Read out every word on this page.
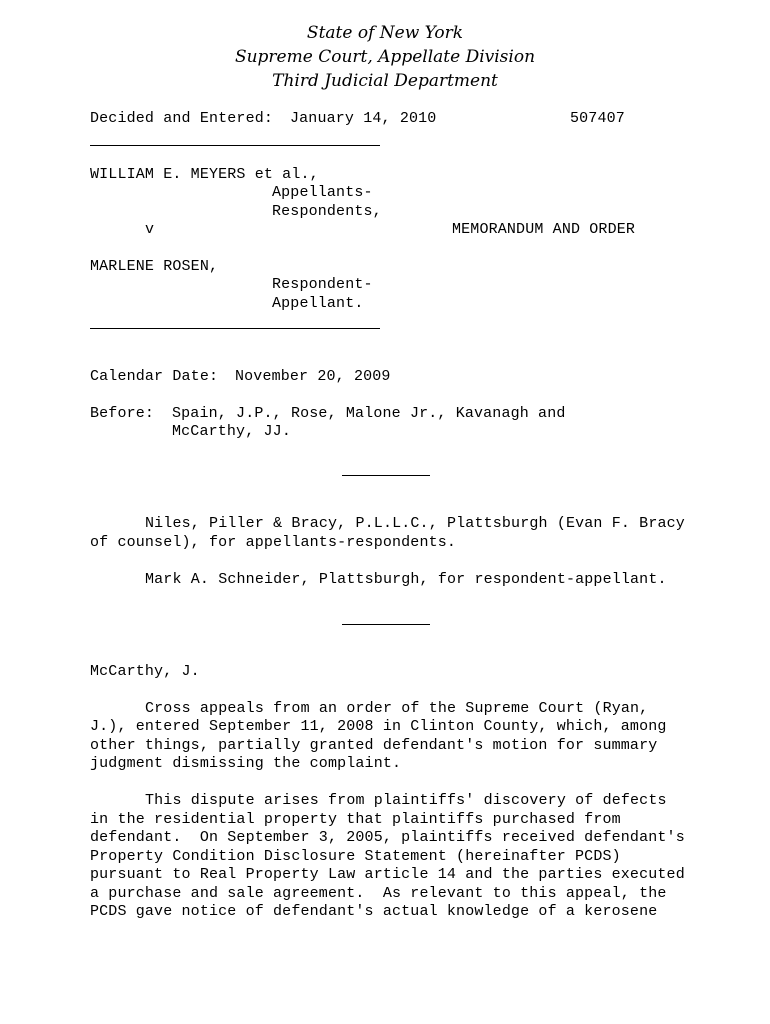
State of New York
Supreme Court, Appellate Division
Third Judicial Department
Decided and Entered: January 14, 2010	507407
WILLIAM E. MEYERS et al.,
Appellants-
Respondents,
v	MEMORANDUM AND ORDER
MARLENE ROSEN,
Respondent-
Appellant.
Calendar Date: November 20, 2009
Before: Spain, J.P., Rose, Malone Jr., Kavanagh and
McCarthy, JJ.
Niles, Piller & Bracy, P.L.L.C., Plattsburgh (Evan F. Bracy
of counsel), for appellants-respondents.
Mark A. Schneider, Plattsburgh, for respondent-appellant.
McCarthy, J.
Cross appeals from an order of the Supreme Court (Ryan,
J.), entered September 11, 2008 in Clinton County, which, among
other things, partially granted defendant's motion for summary
judgment dismissing the complaint.
This dispute arises from plaintiffs' discovery of defects
in the residential property that plaintiffs purchased from
defendant.  On September 3, 2005, plaintiffs received defendant's
Property Condition Disclosure Statement (hereinafter PCDS)
pursuant to Real Property Law article 14 and the parties executed
a purchase and sale agreement.  As relevant to this appeal, the
PCDS gave notice of defendant's actual knowledge of a kerosene
